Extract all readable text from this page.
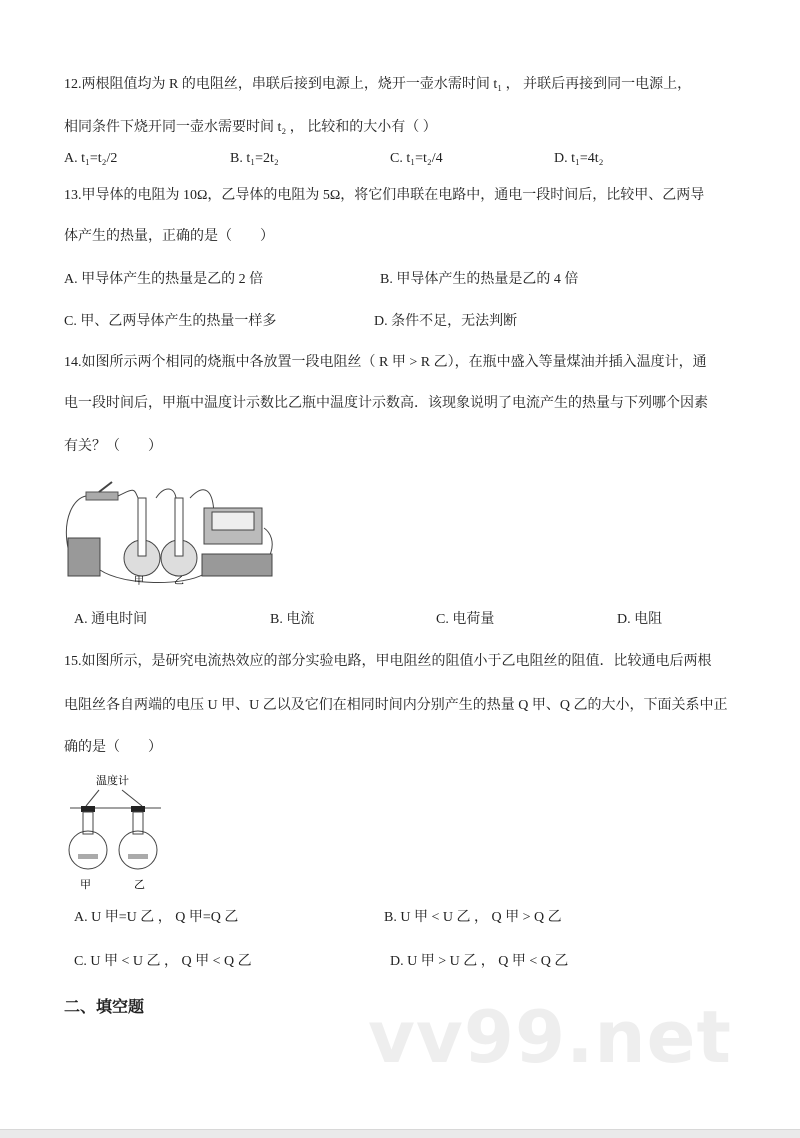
12.两根阻值均为 R 的电阻丝，串联后接到电源上，烧开一壶水需时间 t₁ ， 并联后再接到同一电源上，
相同条件下烧开同一壶水需要时间 t₂ ， 比较和的大小有（ ）
A. t₁=t₂/2	B. t₁=2t₂	C. t₁=t₂/4	D. t₁=4t₂
13.甲导体的电阻为 10Ω，乙导体的电阻为 5Ω，将它们串联在电路中，通电一段时间后，比较甲、乙两导
体产生的热量，正确的是（　　）
A. 甲导体产生的热量是乙的 2 倍	B. 甲导体产生的热量是乙的 4 倍
C. 甲、乙两导体产生的热量一样多	D. 条件不足，无法判断
14.如图所示两个相同的烧瓶中各放置一段电阻丝（ R 甲 > R 乙），在瓶中盛入等量煤油并插入温度计，通
电一段时间后，甲瓶中温度计示数比乙瓶中温度计示数高．该现象说明了电流产生的热量与下列哪个因素
有关？（　　）
甲	乙
A. 通电时间	B. 电流	C. 电荷量	D. 电阻
15.如图所示，是研究电流热效应的部分实验电路，甲电阻丝的阻值小于乙电阻丝的阻值．比较通电后两根
电阻丝各自两端的电压 U 甲、U 乙以及它们在相同时间内分别产生的热量 Q 甲、Q 乙的大小，下面关系中正
确的是（　　）
温度计
甲	乙
A. U 甲=U 乙 ， Q 甲=Q 乙	B. U 甲 < U 乙 ， Q 甲 > Q 乙
C. U 甲 < U 乙 ， Q 甲 < Q 乙	D. U 甲 > U 乙 ， Q 甲 < Q 乙
二、填空题	vv99.net
